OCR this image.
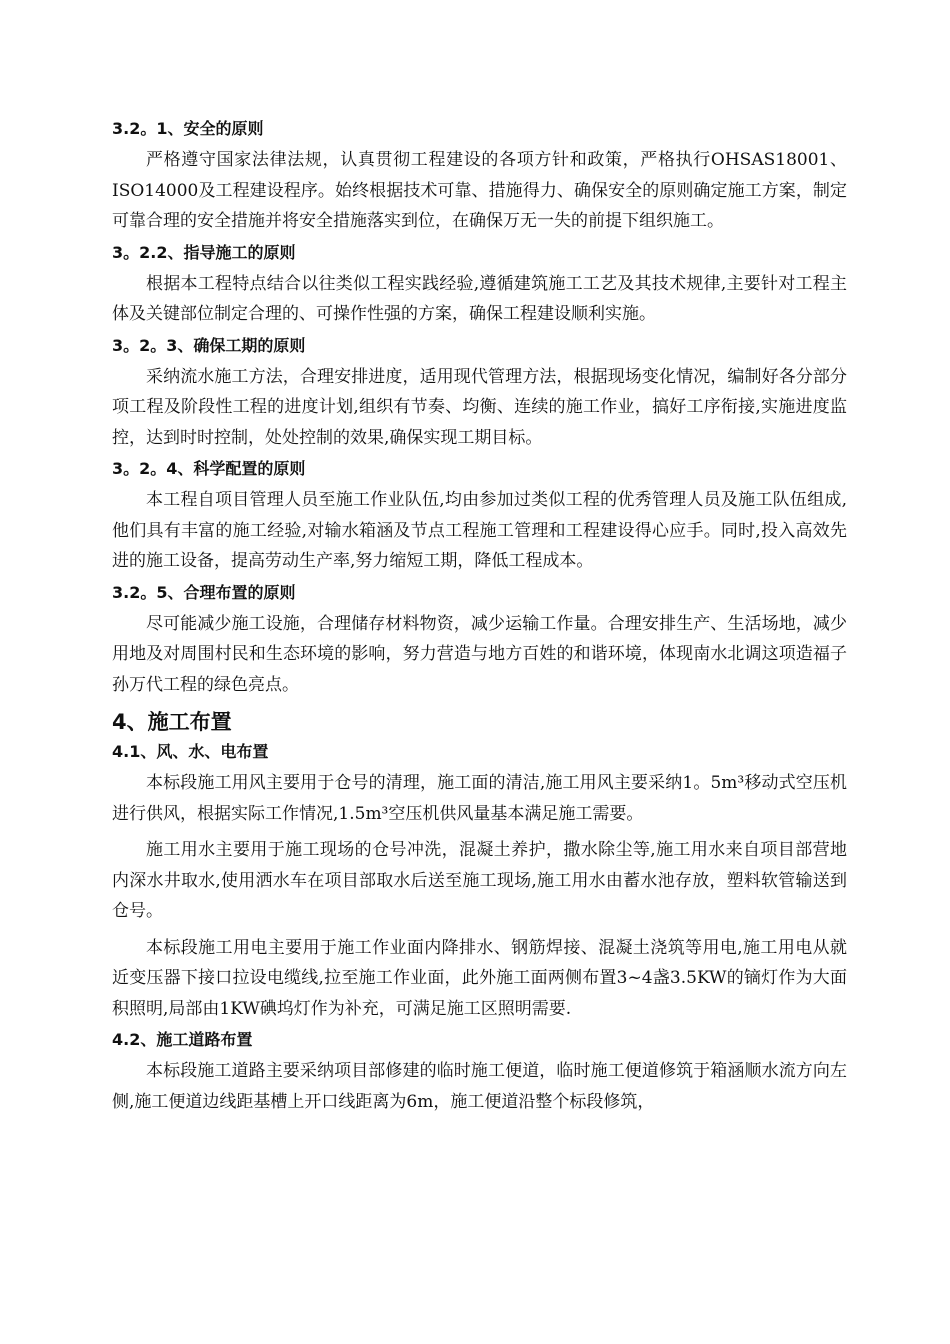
3.2。1、安全的原则

严格遵守国家法律法规，认真贯彻工程建设的各项方针和政策，严格执行OHSAS18001、ISO14000及工程建设程序。始终根据技术可靠、措施得力、确保安全的原则确定施工方案，制定可靠合理的安全措施并将安全措施落实到位，在确保万无一失的前提下组织施工。

3。2.2、指导施工的原则

根据本工程特点结合以往类似工程实践经验,遵循建筑施工工艺及其技术规律,主要针对工程主体及关键部位制定合理的、可操作性强的方案，确保工程建设顺利实施。

3。2。3、确保工期的原则

采纳流水施工方法，合理安排进度，适用现代管理方法，根据现场变化情况，编制好各分部分项工程及阶段性工程的进度计划,组织有节奏、均衡、连续的施工作业，搞好工序衔接,实施进度监控，达到时时控制，处处控制的效果,确保实现工期目标。

3。2。4、科学配置的原则

本工程自项目管理人员至施工作业队伍,均由参加过类似工程的优秀管理人员及施工队伍组成,他们具有丰富的施工经验,对输水箱涵及节点工程施工管理和工程建设得心应手。同时,投入高效先进的施工设备，提高劳动生产率,努力缩短工期，降低工程成本。

3.2。5、合理布置的原则

尽可能减少施工设施，合理储存材料物资，减少运输工作量。合理安排生产、生活场地，减少用地及对周围村民和生态环境的影响，努力营造与地方百姓的和谐环境，体现南水北调这项造福子孙万代工程的绿色亮点。

4、施工布置
4.1、风、水、电布置

本标段施工用风主要用于仓号的清理，施工面的清洁,施工用风主要采纳1。5m³移动式空压机进行供风，根据实际工作情况,1.5m³空压机供风量基本满足施工需要。

施工用水主要用于施工现场的仓号冲洗，混凝土养护，撒水除尘等,施工用水来自项目部营地内深水井取水,使用洒水车在项目部取水后送至施工现场,施工用水由蓄水池存放，塑料软管输送到仓号。

本标段施工用电主要用于施工作业面内降排水、钢筋焊接、混凝土浇筑等用电,施工用电从就近变压器下接口拉设电缆线,拉至施工作业面，此外施工面两侧布置3~4盏3.5KW的镝灯作为大面积照明,局部由1KW碘坞灯作为补充，可满足施工区照明需要.

4.2、施工道路布置

本标段施工道路主要采纳项目部修建的临时施工便道，临时施工便道修筑于箱涵顺水流方向左侧,施工便道边线距基槽上开口线距离为6m，施工便道沿整个标段修筑，
